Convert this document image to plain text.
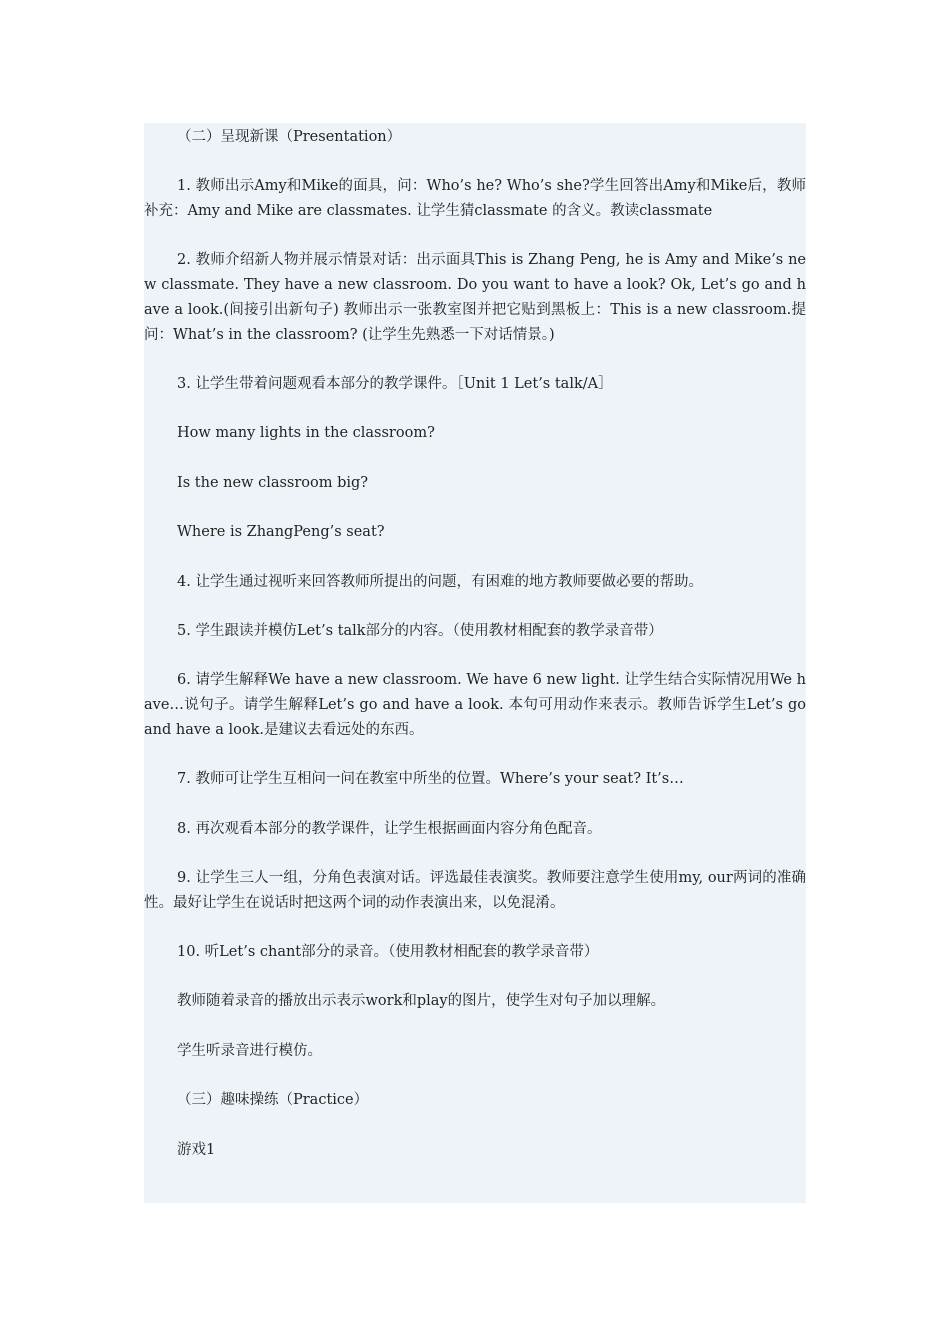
（二）呈现新课（Presentation）

1. 教师出示Amy和Mike的面具，问：Who’s he? Who’s she?学生回答出Amy和Mike后，教师补充：Amy and Mike are classmates. 让学生猜classmate 的含义。教读classmate

2. 教师介绍新人物并展示情景对话：出示面具This is Zhang Peng, he is Amy and Mike’s new classmate. They have a new classroom. Do you want to have a look? Ok, Let’s go and have a look.(间接引出新句子) 教师出示一张教室图并把它贴到黑板上：This is a new classroom.提问：What’s in the classroom? (让学生先熟悉一下对话情景。)

3. 让学生带着问题观看本部分的教学课件。［Unit 1 Let’s talk/A］

How many lights in the classroom?

Is the new classroom big?

Where is ZhangPeng’s seat?

4. 让学生通过视听来回答教师所提出的问题，有困难的地方教师要做必要的帮助。

5. 学生跟读并模仿Let’s talk部分的内容。（使用教材相配套的教学录音带）

6. 请学生解释We have a new classroom. We have 6 new light. 让学生结合实际情况用We have…说句子。请学生解释Let’s go and have a look. 本句可用动作来表示。教师告诉学生Let’s go and have a look.是建议去看远处的东西。

7. 教师可让学生互相问一问在教室中所坐的位置。Where’s your seat? It’s…

8. 再次观看本部分的教学课件，让学生根据画面内容分角色配音。

9. 让学生三人一组，分角色表演对话。评选最佳表演奖。教师要注意学生使用my, our两词的准确性。最好让学生在说话时把这两个词的动作表演出来，以免混淆。

10. 听Let’s chant部分的录音。（使用教材相配套的教学录音带）

教师随着录音的播放出示表示work和play的图片，使学生对句子加以理解。

学生听录音进行模仿。

（三）趣味操练（Practice）

游戏1
